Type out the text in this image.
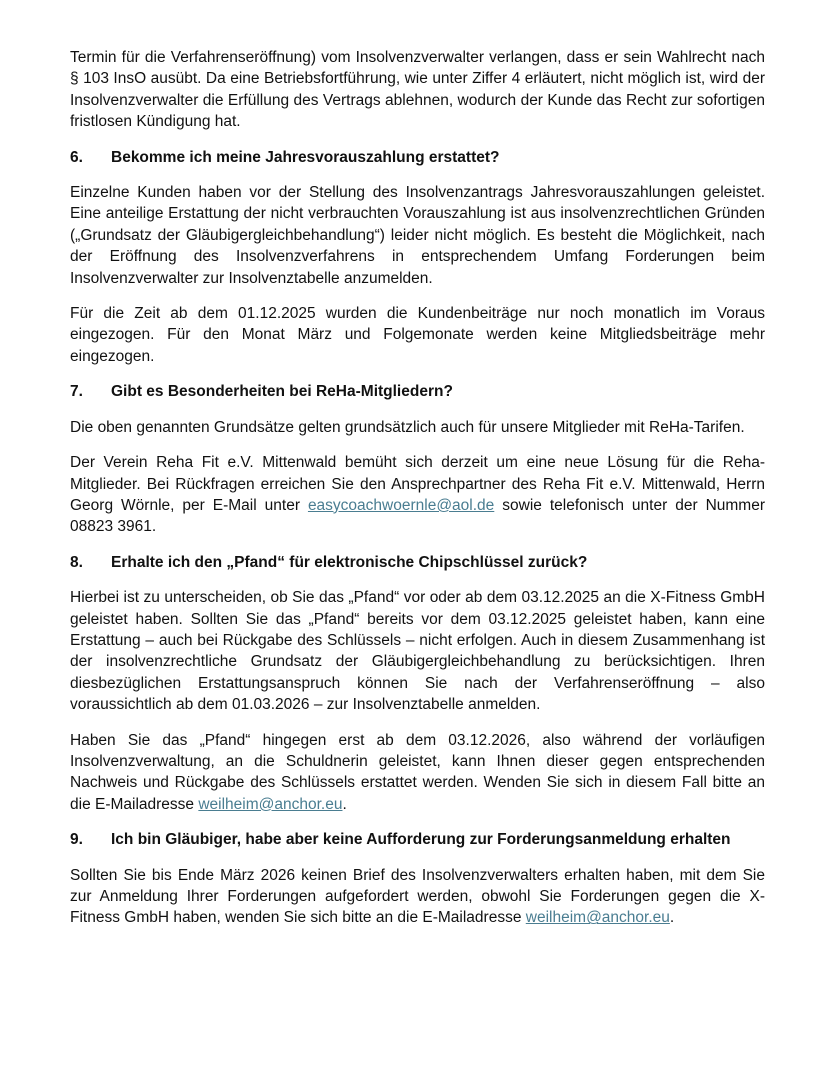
Termin für die Verfahrenseröffnung) vom Insolvenzverwalter verlangen, dass er sein Wahlrecht nach § 103 InsO ausübt. Da eine Betriebsfortführung, wie unter Ziffer 4 erläutert, nicht möglich ist, wird der Insolvenzverwalter die Erfüllung des Vertrags ablehnen, wodurch der Kunde das Recht zur sofortigen fristlosen Kündigung hat.

6.	Bekomme ich meine Jahresvorauszahlung erstattet?

Einzelne Kunden haben vor der Stellung des Insolvenzantrags Jahresvorauszahlungen geleistet. Eine anteilige Erstattung der nicht verbrauchten Vorauszahlung ist aus insolvenzrechtlichen Gründen („Grundsatz der Gläubigergleichbehandlung“) leider nicht möglich. Es besteht die Möglichkeit, nach der Eröffnung des Insolvenzverfahrens in entsprechendem Umfang Forderungen beim Insolvenzverwalter zur Insolvenztabelle anzumelden.

Für die Zeit ab dem 01.12.2025 wurden die Kundenbeiträge nur noch monatlich im Voraus eingezogen. Für den Monat März und Folgemonate werden keine Mitgliedsbeiträge mehr eingezogen.

7.	Gibt es Besonderheiten bei ReHa-Mitgliedern?

Die oben genannten Grundsätze gelten grundsätzlich auch für unsere Mitglieder mit ReHa-Tarifen.

Der Verein Reha Fit e.V. Mittenwald bemüht sich derzeit um eine neue Lösung für die Reha-Mitglieder. Bei Rückfragen erreichen Sie den Ansprechpartner des Reha Fit e.V. Mittenwald, Herrn Georg Wörnle, per E-Mail unter easycoachwoernle@aol.de sowie telefonisch unter der Nummer 08823 3961.

8.	Erhalte ich den „Pfand“ für elektronische Chipschlüssel zurück?

Hierbei ist zu unterscheiden, ob Sie das „Pfand“ vor oder ab dem 03.12.2025 an die X-Fitness GmbH geleistet haben. Sollten Sie das „Pfand“ bereits vor dem 03.12.2025 geleistet haben, kann eine Erstattung – auch bei Rückgabe des Schlüssels – nicht erfolgen. Auch in diesem Zusammenhang ist der insolvenzrechtliche Grundsatz der Gläubigergleichbehandlung zu berücksichtigen. Ihren diesbezüglichen Erstattungsanspruch können Sie nach der Verfahrenseröffnung – also voraussichtlich ab dem 01.03.2026 – zur Insolvenztabelle anmelden.

Haben Sie das „Pfand“ hingegen erst ab dem 03.12.2026, also während der vorläufigen Insolvenzverwaltung, an die Schuldnerin geleistet, kann Ihnen dieser gegen entsprechenden Nachweis und Rückgabe des Schlüssels erstattet werden. Wenden Sie sich in diesem Fall bitte an die E-Mailadresse weilheim@anchor.eu.

9.	Ich bin Gläubiger, habe aber keine Aufforderung zur Forderungsanmeldung erhalten

Sollten Sie bis Ende März 2026 keinen Brief des Insolvenzverwalters erhalten haben, mit dem Sie zur Anmeldung Ihrer Forderungen aufgefordert werden, obwohl Sie Forderungen gegen die X-Fitness GmbH haben, wenden Sie sich bitte an die E-Mailadresse weilheim@anchor.eu.
